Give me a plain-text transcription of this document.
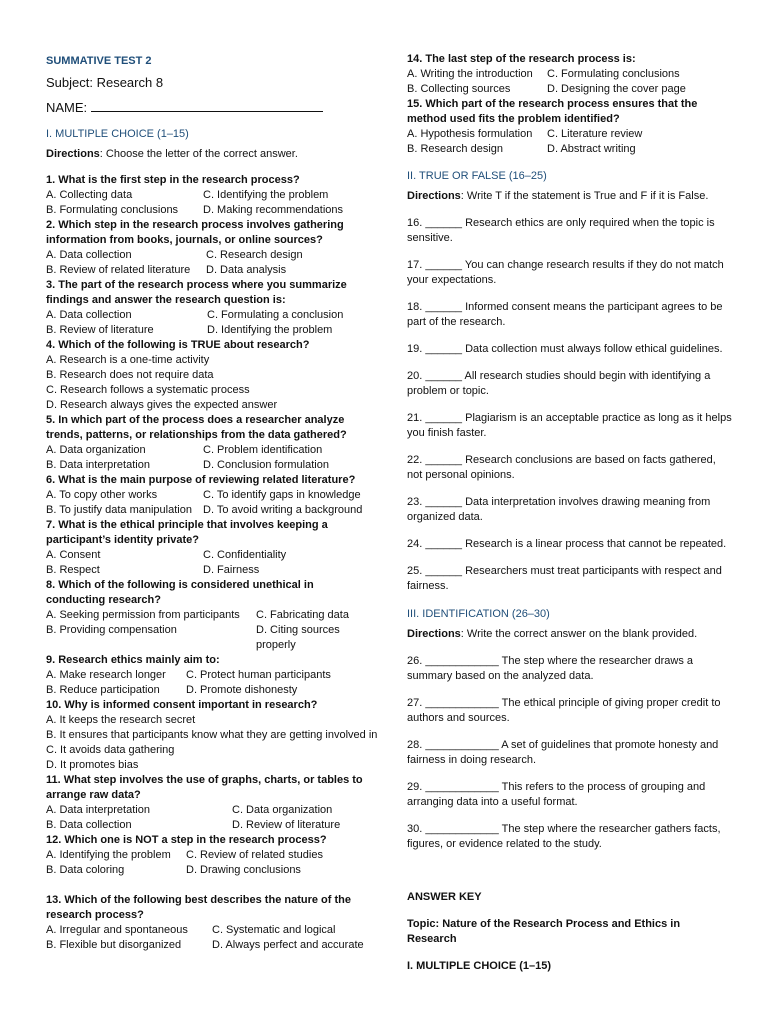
SUMMATIVE TEST 2
Subject: Research 8
NAME:
I. MULTIPLE CHOICE (1–15)
Directions: Choose the letter of the correct answer.
1. What is the first step in the research process?
A. Collecting data	C. Identifying the problem
B. Formulating conclusions	D. Making recommendations
2. Which step in the research process involves gathering information from books, journals, or online sources?
A. Data collection	C. Research design
B. Review of related literature	D. Data analysis
3. The part of the research process where you summarize findings and answer the research question is:
A. Data collection	C. Formulating a conclusion
B. Review of literature	D. Identifying the problem
4. Which of the following is TRUE about research?
A. Research is a one-time activity
B. Research does not require data
C. Research follows a systematic process
D. Research always gives the expected answer
5. In which part of the process does a researcher analyze trends, patterns, or relationships from the data gathered?
A. Data organization	C. Problem identification
B. Data interpretation	D. Conclusion formulation
6. What is the main purpose of reviewing related literature?
A. To copy other works	C. To identify gaps in knowledge
B. To justify data manipulation	D. To avoid writing a background
7. What is the ethical principle that involves keeping a participant’s identity private?
A. Consent	C. Confidentiality
B. Respect	D. Fairness
8. Which of the following is considered unethical in conducting research?
A. Seeking permission from participants	C. Fabricating data
B. Providing compensation	D. Citing sources properly
9. Research ethics mainly aim to:
A. Make research longer	C. Protect human participants
B. Reduce participation	D. Promote dishonesty
10. Why is informed consent important in research?
A. It keeps the research secret
B. It ensures that participants know what they are getting involved in
C. It avoids data gathering
D. It promotes bias
11. What step involves the use of graphs, charts, or tables to arrange raw data?
A. Data interpretation	C. Data organization
B. Data collection	D. Review of literature
12. Which one is NOT a step in the research process?
A. Identifying the problem	C. Review of related studies
B. Data coloring	D. Drawing conclusions
13. Which of the following best describes the nature of the research process?
A. Irregular and spontaneous	C. Systematic and logical
B. Flexible but disorganized	D. Always perfect and accurate
14. The last step of the research process is:
A. Writing the introduction	C. Formulating conclusions
B. Collecting sources	D. Designing the cover page
15. Which part of the research process ensures that the method used fits the problem identified?
A. Hypothesis formulation	C. Literature review
B. Research design	D. Abstract writing
II. TRUE OR FALSE (16–25)
Directions: Write T if the statement is True and F if it is False.
16. ______ Research ethics are only required when the topic is sensitive.
17. ______ You can change research results if they do not match your expectations.
18. ______ Informed consent means the participant agrees to be part of the research.
19. ______ Data collection must always follow ethical guidelines.
20. ______ All research studies should begin with identifying a problem or topic.
21. ______ Plagiarism is an acceptable practice as long as it helps you finish faster.
22. ______ Research conclusions are based on facts gathered, not personal opinions.
23. ______ Data interpretation involves drawing meaning from organized data.
24. ______ Research is a linear process that cannot be repeated.
25. ______ Researchers must treat participants with respect and fairness.
III. IDENTIFICATION (26–30)
Directions: Write the correct answer on the blank provided.
26. ____________ The step where the researcher draws a summary based on the analyzed data.
27. ____________ The ethical principle of giving proper credit to authors and sources.
28. ____________ A set of guidelines that promote honesty and fairness in doing research.
29. ____________ This refers to the process of grouping and arranging data into a useful format.
30. ____________ The step where the researcher gathers facts, figures, or evidence related to the study.
ANSWER KEY
Topic: Nature of the Research Process and Ethics in Research
I. MULTIPLE CHOICE (1–15)
